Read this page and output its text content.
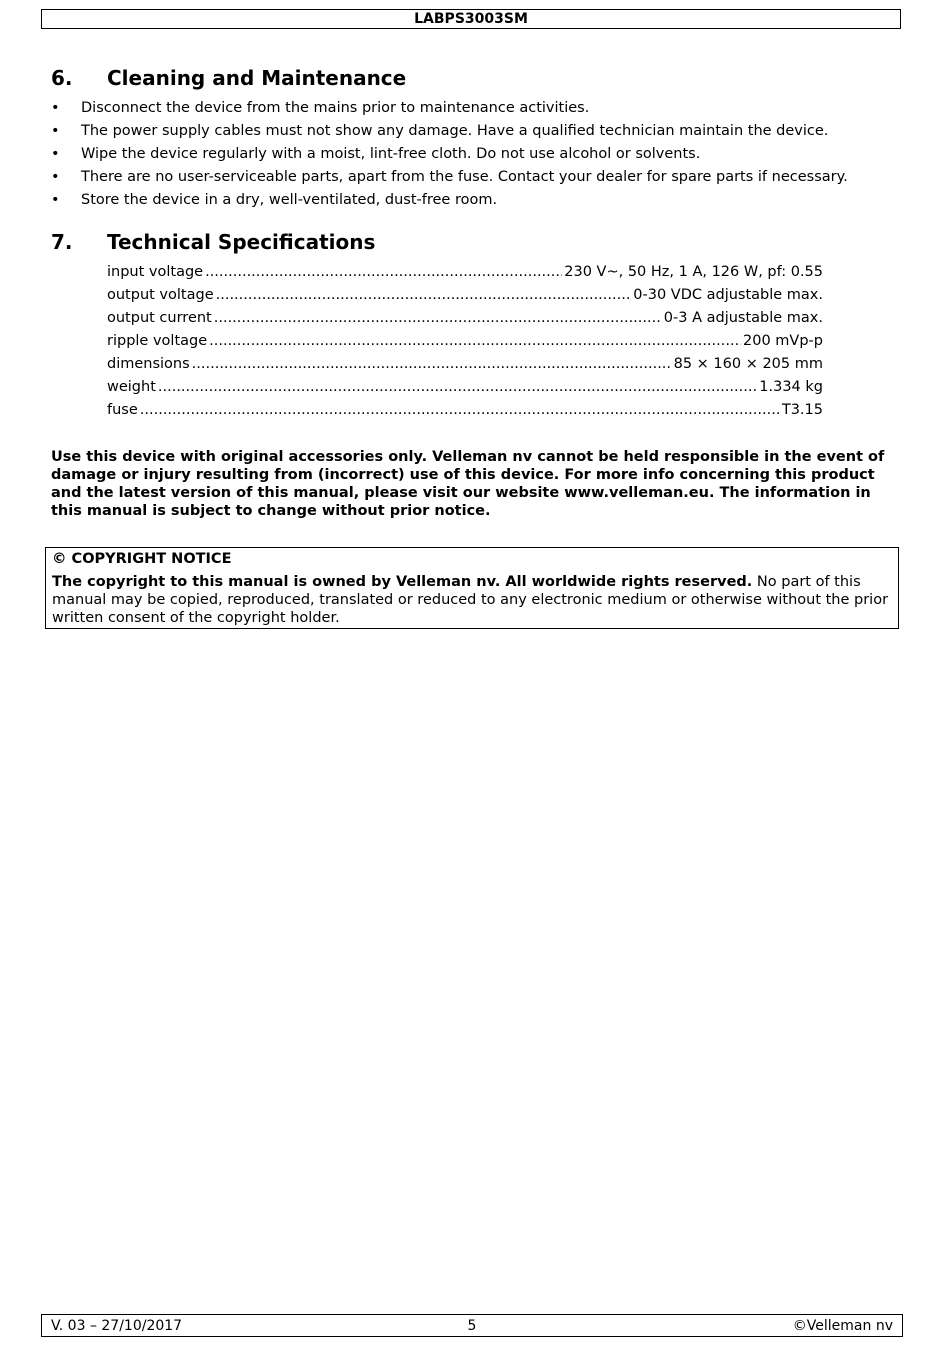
LABPS3003SM
6. Cleaning and Maintenance
• Disconnect the device from the mains prior to maintenance activities.
• The power supply cables must not show any damage. Have a qualified technician maintain the device.
• Wipe the device regularly with a moist, lint-free cloth. Do not use alcohol or solvents.
• There are no user-serviceable parts, apart from the fuse. Contact your dealer for spare parts if necessary.
• Store the device in a dry, well-ventilated, dust-free room.
7. Technical Specifications
input voltage .....	230 V~, 50 Hz, 1 A, 126 W, pf: 0.55
output voltage .....	0-30 VDC adjustable max.
output current .....	0-3 A adjustable max.
ripple voltage .....	200 mVp-p
dimensions .....	85 × 160 × 205 mm
weight .....	1.334 kg
fuse .....	T3.15
Use this device with original accessories only. Velleman nv cannot be held responsible in the event of damage or injury resulting from (incorrect) use of this device. For more info concerning this product and the latest version of this manual, please visit our website www.velleman.eu. The information in this manual is subject to change without prior notice.
© COPYRIGHT NOTICE
The copyright to this manual is owned by Velleman nv. All worldwide rights reserved. No part of this manual may be copied, reproduced, translated or reduced to any electronic medium or otherwise without the prior written consent of the copyright holder.
V. 03 – 27/10/2017	5	©Velleman nv
